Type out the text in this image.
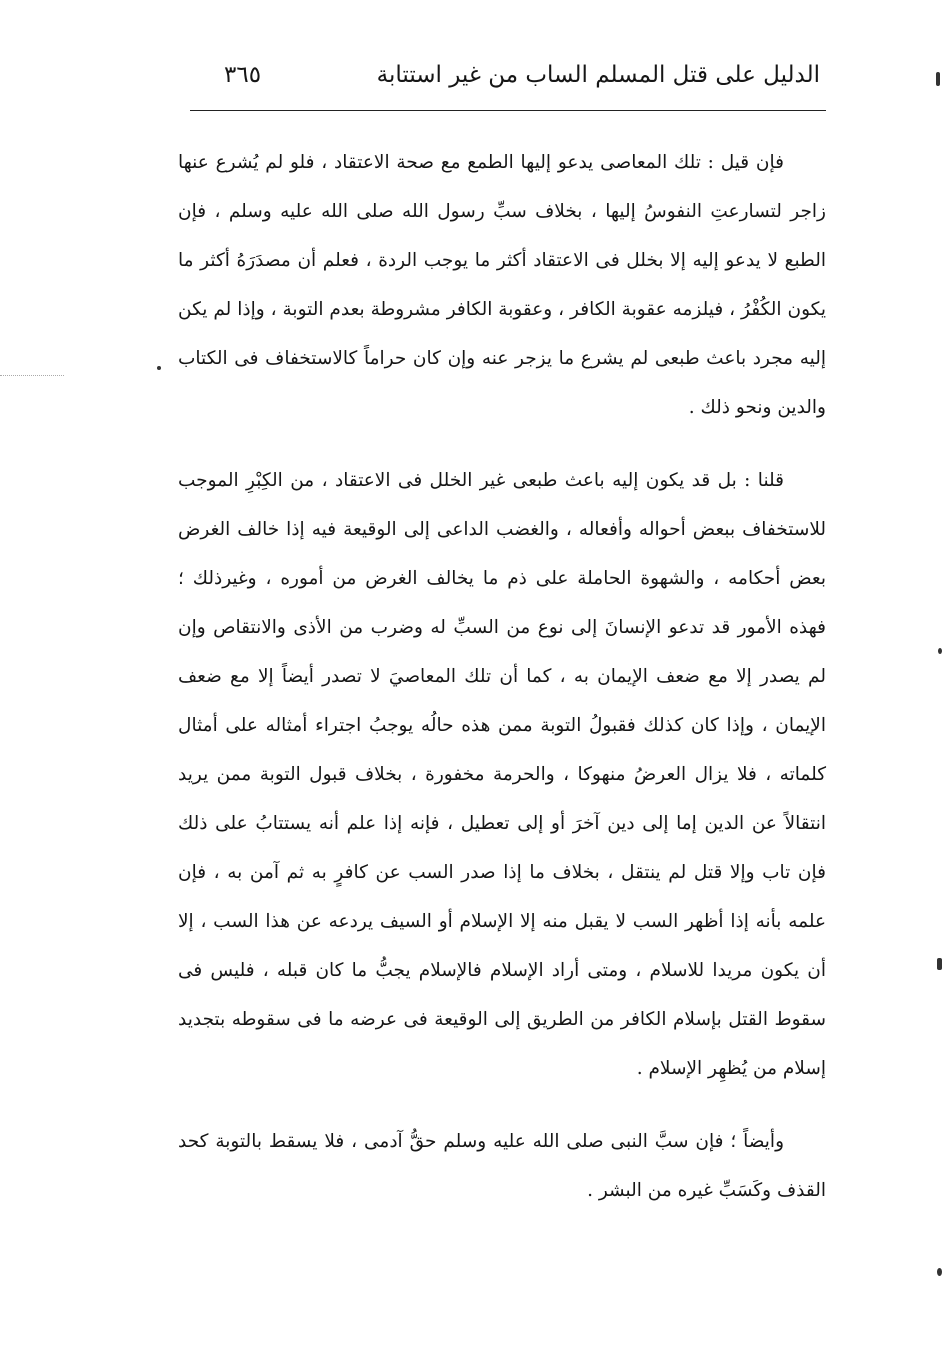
الدليل على قتل المسلم الساب من غير استتابة
٣٦٥

فإن قيل : تلك المعاصى يدعو إليها الطمع مع صحة الاعتقاد ، فلو لم يُشرع عنها زاجر لتسارعتِ النفوسُ إليها ، بخلاف سبِّ رسول الله صلى الله عليه وسلم ، فإن الطبع لا يدعو إليه إلا بخلل فى الاعتقاد أكثر ما يوجب الردة ، فعلم أن مصدَرَهُ أكثر ما يكون الكُفْرُ ، فيلزمه عقوبة الكافر ، وعقوبة الكافر مشروطة بعدم التوبة ، وإذا لم يكن إليه مجرد باعث طبعى لم يشرع ما يزجر عنه وإن كان حراماً كالاستخفاف فى الكتاب والدين ونحو ذلك .

قلنا : بل قد يكون إليه باعث طبعى غير الخلل فى الاعتقاد ، من الكِبْرِ الموجب للاستخفاف ببعض أحواله وأفعاله ، والغضب الداعى إلى الوقيعة فيه إذا خالف الغرض بعض أحكامه ، والشهوة الحاملة على ذم ما يخالف الغرض من أموره ، وغيرذلك ؛ فهذه الأمور قد تدعو الإنسانَ إلى نوع من السبِّ له وضرب من الأذى والانتقاص وإن لم يصدر إلا مع ضعف الإيمان به ، كما أن تلك المعاصيَ لا تصدر أيضاً إلا مع ضعف الإيمان ، وإذا كان كذلك فقبولُ التوبة ممن هذه حالُه يوجبُ اجتراء أمثاله على أمثال كلماته ، فلا يزال العرضُ منهوكا ، والحرمة مخفورة ، بخلاف قبول التوبة ممن يريد انتقالاً عن الدين إما إلى دين آخرَ أو إلى تعطيل ، فإنه إذا علم أنه يستتابُ على ذلك فإن تاب وإلا قتل لم ينتقل ، بخلاف ما إذا صدر السب عن كافرٍ به ثم آمن به ، فإن علمه بأنه إذا أظهر السب لا يقبل منه إلا الإسلام أو السيف يردعه عن هذا السب ، إلا أن يكون مريدا للاسلام ، ومتى أراد الإسلام فالإسلام يجبُّ ما كان قبله ، فليس فى سقوط القتل بإسلام الكافر من الطريق إلى الوقيعة فى عرضه ما فى سقوطه بتجديد إسلام من يُظهِر الإسلام .

وأيضاً ؛ فإن سبَّ النبى صلى الله عليه وسلم حقُّ آدمى ، فلا يسقط بالتوبة كحد القذف وكَسَبِّ غيره من البشر .
